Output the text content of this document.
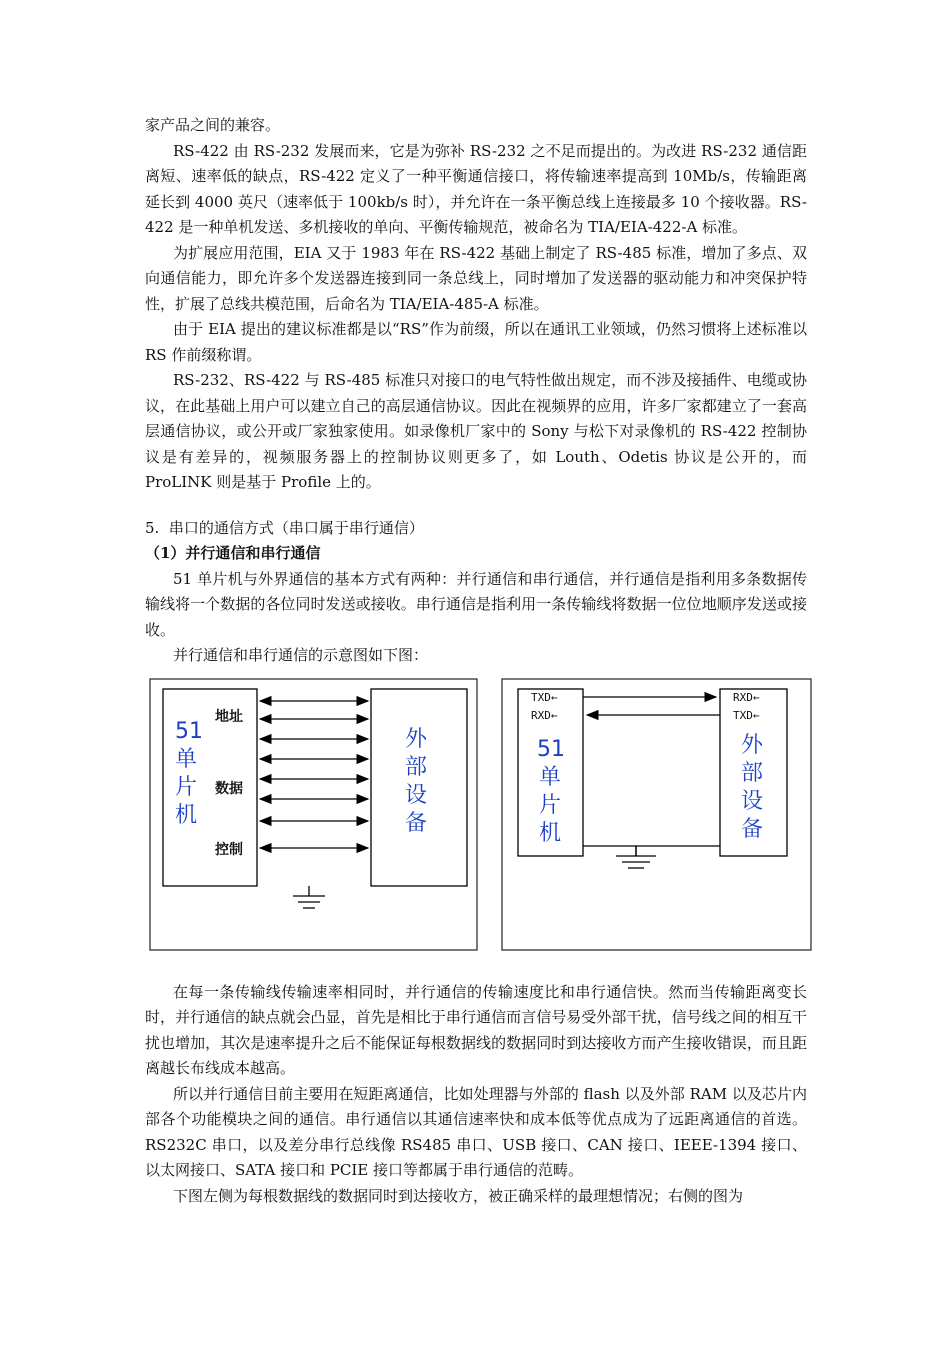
家产品之间的兼容。

RS-422 由 RS-232 发展而来，它是为弥补 RS-232 之不足而提出的。为改进 RS-232 通信距离短、速率低的缺点，RS-422 定义了一种平衡通信接口，将传输速率提高到 10Mb/s，传输距离延长到 4000 英尺（速率低于 100kb/s 时），并允许在一条平衡总线上连接最多 10 个接收器。RS-422 是一种单机发送、多机接收的单向、平衡传输规范，被命名为 TIA/EIA-422-A 标准。

为扩展应用范围，EIA 又于 1983 年在 RS-422 基础上制定了 RS-485 标准，增加了多点、双向通信能力，即允许多个发送器连接到同一条总线上，同时增加了发送器的驱动能力和冲突保护特性，扩展了总线共模范围，后命名为 TIA/EIA-485-A 标准。

由于 EIA 提出的建议标准都是以“RS”作为前缀，所以在通讯工业领域，仍然习惯将上述标准以 RS 作前缀称谓。

RS-232、RS-422 与 RS-485 标准只对接口的电气特性做出规定，而不涉及接插件、电缆或协议，在此基础上用户可以建立自己的高层通信协议。因此在视频界的应用，许多厂家都建立了一套高层通信协议，或公开或厂家独家使用。如录像机厂家中的 Sony 与松下对录像机的 RS-422 控制协议是有差异的，视频服务器上的控制协议则更多了，如 Louth、Odetis 协议是公开的，而 ProLINK 则是基于 Profile 上的。

5.  串口的通信方式（串口属于串行通信）

（1）并行通信和串行通信

51 单片机与外界通信的基本方式有两种：并行通信和串行通信，并行通信是指利用多条数据传输线将一个数据的各位同时发送或接收。串行通信是指利用一条传输线将数据一位位地顺序发送或接收。

并行通信和串行通信的示意图如下图：

地址
数据
控制
51
单
片
机
外
部
设
备
TXD←
RXD←
RXD←
TXD←
51
单
片
机
外
部
设
备

在每一条传输线传输速率相同时，并行通信的传输速度比和串行通信快。然而当传输距离变长时，并行通信的缺点就会凸显，首先是相比于串行通信而言信号易受外部干扰，信号线之间的相互干扰也增加，其次是速率提升之后不能保证每根数据线的数据同时到达接收方而产生接收错误，而且距离越长布线成本越高。

所以并行通信目前主要用在短距离通信，比如处理器与外部的 flash 以及外部 RAM 以及芯片内部各个功能模块之间的通信。串行通信以其通信速率快和成本低等优点成为了远距离通信的首选。RS232C 串口，以及差分串行总线像 RS485 串口、USB 接口、CAN 接口、IEEE-1394 接口、以太网接口、SATA 接口和 PCIE 接口等都属于串行通信的范畴。

下图左侧为每根数据线的数据同时到达接收方，被正确采样的最理想情况；右侧的图为
